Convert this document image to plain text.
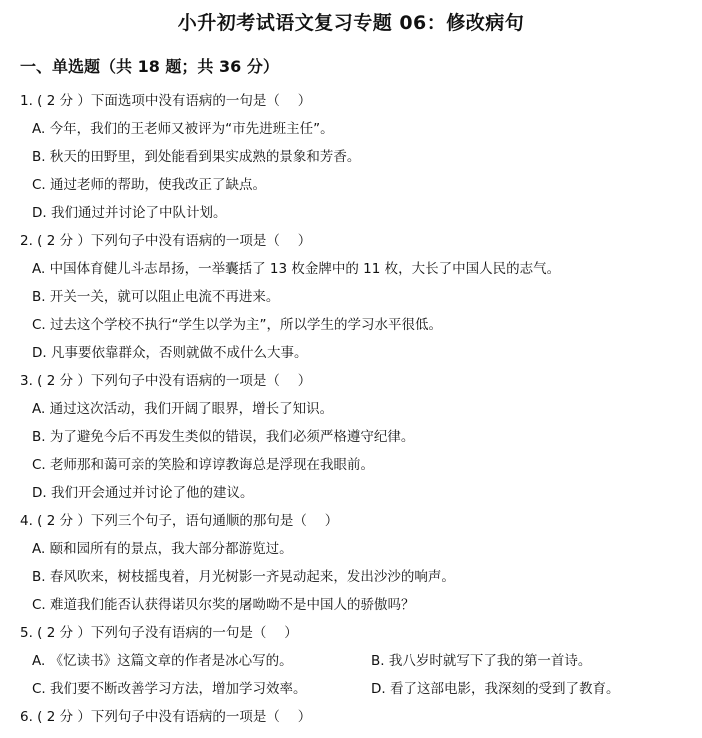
小升初考试语文复习专题 06：修改病句
一、单选题（共 18 题；共 36 分）
1. ( 2 分 ）下面选项中没有语病的一句是（　 ）
A. 今年，我们的王老师又被评为“市先进班主任”。
B. 秋天的田野里，到处能看到果实成熟的景象和芳香。
C. 通过老师的帮助，使我改正了缺点。
D. 我们通过并讨论了中队计划。
2. ( 2 分 ）下列句子中没有语病的一项是（　 ）
A. 中国体育健儿斗志昂扬，一举囊括了 13 枚金牌中的 11 枚，大长了中国人民的志气。
B. 开关一关，就可以阻止电流不再进来。
C. 过去这个学校不执行“学生以学为主”，所以学生的学习水平很低。
D. 凡事要依靠群众，否则就做不成什么大事。
3. ( 2 分 ）下列句子中没有语病的一项是（　 ）
A. 通过这次活动，我们开阔了眼界，增长了知识。
B. 为了避免今后不再发生类似的错误，我们必须严格遵守纪律。
C. 老师那和蔼可亲的笑脸和谆谆教诲总是浮现在我眼前。
D. 我们开会通过并讨论了他的建议。
4. ( 2 分 ）下列三个句子，语句通顺的那句是（　 ）
A. 颐和园所有的景点，我大部分都游览过。
B. 春风吹来，树枝摇曳着，月光树影一齐晃动起来，发出沙沙的响声。
C. 难道我们能否认获得诺贝尔奖的屠呦呦不是中国人的骄傲吗？
5. ( 2 分 ）下列句子没有语病的一句是（　 ）
A. 《忆读书》这篇文章的作者是冰心写的。	B. 我八岁时就写下了我的第一首诗。
C. 我们要不断改善学习方法，增加学习效率。	D. 看了这部电影，我深刻的受到了教育。
6. ( 2 分 ）下列句子中没有语病的一项是（　 ）
